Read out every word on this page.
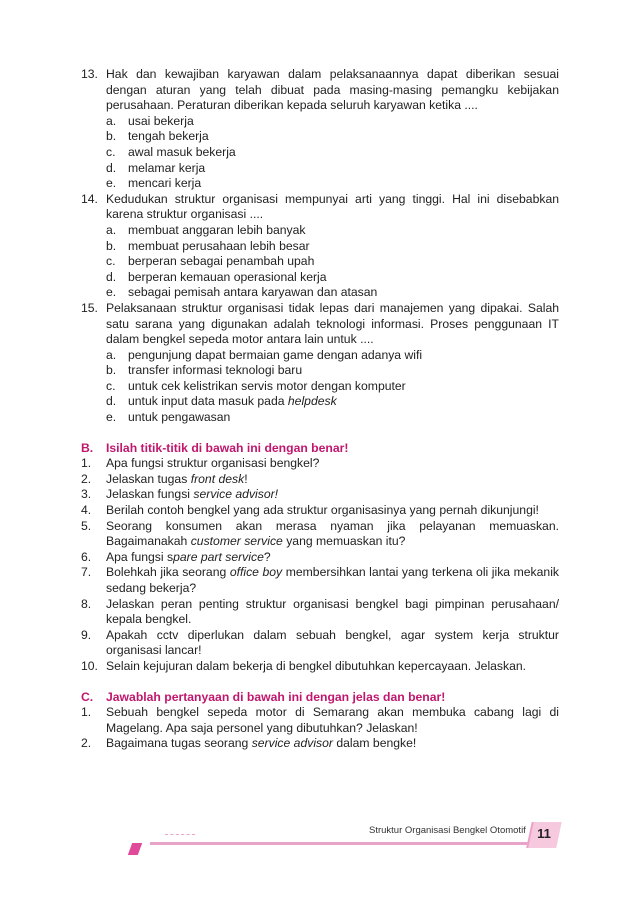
13. Hak dan kewajiban karyawan dalam pelaksanaannya dapat diberikan sesuai dengan aturan yang telah dibuat pada masing-masing pemangku kebijakan perusahaan. Peraturan diberikan kepada seluruh karyawan ketika ....
a. usai bekerja
b. tengah bekerja
c.	awal masuk bekerja
d. melamar kerja
e. mencari kerja
14. Kedudukan struktur organisasi mempunyai arti yang tinggi. Hal ini disebabkan karena struktur organisasi ....
a. membuat anggaran lebih banyak
b. membuat perusahaan lebih besar
c.	berperan sebagai penambah upah
d. berperan kemauan operasional kerja
e. sebagai pemisah antara karyawan dan atasan
15. Pelaksanaan struktur organisasi tidak lepas dari manajemen yang dipakai. Salah satu sarana yang digunakan adalah teknologi informasi. Proses penggunaan IT dalam bengkel sepeda motor antara lain untuk ....
a. pengunjung dapat bermaian game dengan adanya wifi
b. transfer informasi teknologi baru
c.	untuk cek kelistrikan servis motor dengan komputer
d. untuk input data masuk pada helpdesk
e. untuk pengawasan
B.	Isilah titik-titik di bawah ini dengan benar!
1.	Apa fungsi struktur organisasi bengkel?
2.	Jelaskan tugas front desk!
3.	Jelaskan fungsi service advisor!
4.	Berilah contoh bengkel yang ada struktur organisasinya yang pernah dikunjungi!
5.	Seorang konsumen akan merasa nyaman jika pelayanan memuaskan. Bagaimanakah customer service yang memuaskan itu?
6.	Apa fungsi spare part service?
7.	Bolehkah jika seorang office boy membersihkan lantai yang terkena oli jika mekanik sedang bekerja?
8.	Jelaskan peran penting struktur organisasi bengkel bagi pimpinan perusahaan/ kepala bengkel.
9.	Apakah cctv diperlukan dalam sebuah bengkel, agar system kerja struktur organisasi lancar!
10. Selain kejujuran dalam bekerja di bengkel dibutuhkan kepercayaan. Jelaskan.
C.	Jawablah pertanyaan di bawah ini dengan jelas dan benar!
1.	Sebuah bengkel sepeda motor di Semarang akan membuka cabang lagi di Magelang. Apa saja personel yang dibutuhkan? Jelaskan!
2.	Bagaimana tugas seorang service advisor dalam bengke!
Struktur Organisasi Bengkel Otomotif 11
